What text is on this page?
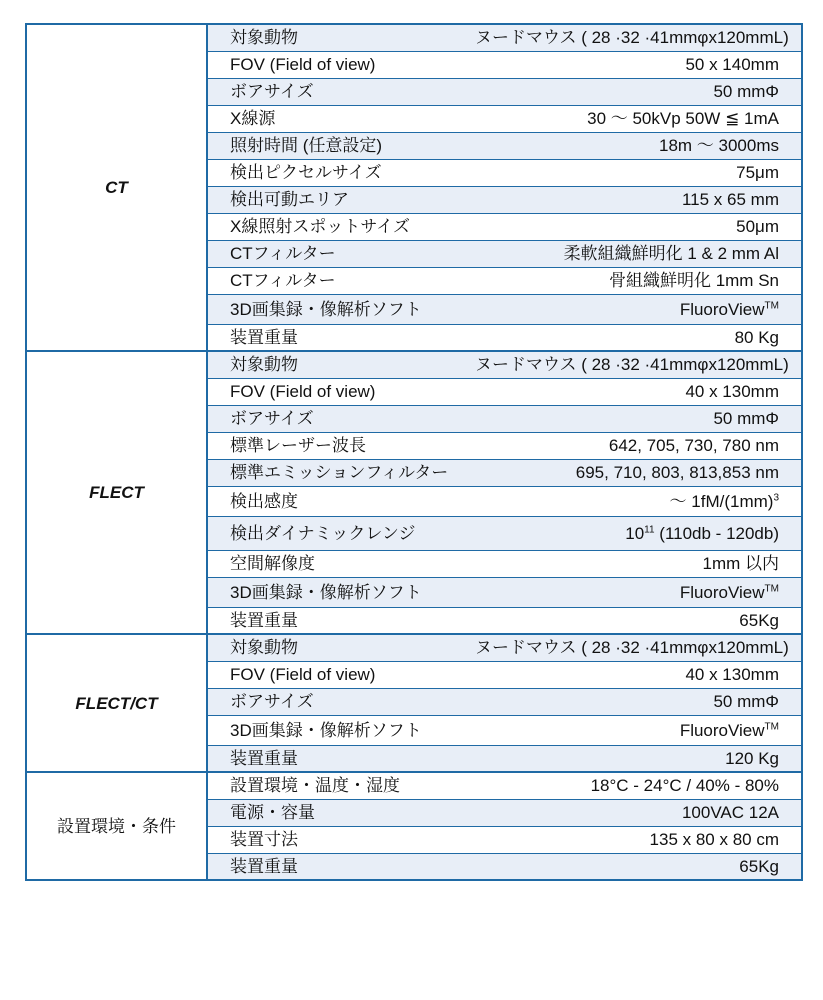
CT	対象動物	ヌードマウス ( 28 ·32 ·41mmφx120mmL)
	FOV (Field of view)	50 x 140mm
	ボアサイズ	50 mmΦ
	X線源	30 〜 50kVp 50W ≦ 1mA
	照射時間 (任意設定)	18m 〜 3000ms
	検出ピクセルサイズ	75μm
	検出可動エリア	115 x 65 mm
	X線照射スポットサイズ	50μm
	CTフィルター	柔軟組織鮮明化 1 & 2 mm Al
	CTフィルター	骨組織鮮明化 1mm Sn
	3D画集録・像解析ソフト	FluoroView™
	装置重量	80 Kg
FLECT	対象動物	ヌードマウス ( 28 ·32 ·41mmφx120mmL)
	FOV (Field of view)	40 x 130mm
	ボアサイズ	50 mmΦ
	標準レーザー波長	642, 705, 730, 780 nm
	標準エミッションフィルター	695, 710, 803, 813,853 nm
	検出感度	〜 $1fM/(1mm)^3$
	検出ダイナミックレンジ	$10^{11}$ (110db - 120db)
	空間解像度	1mm 以内
	3D画集録・像解析ソフト	FluoroView™
	装置重量	65Kg
FLECT/CT	対象動物	ヌードマウス ( 28 ·32 ·41mmφx120mmL)
	FOV (Field of view)	40 x 130mm
	ボアサイズ	50 mmΦ
	3D画集録・像解析ソフト	FluoroView™
	装置重量	120 Kg
設置環境・条件	設置環境・温度・湿度	18°C - 24°C / 40% - 80%
	電源・容量	100VAC 12A
	装置寸法	135 x 80 x 80 cm
	装置重量	65Kg
